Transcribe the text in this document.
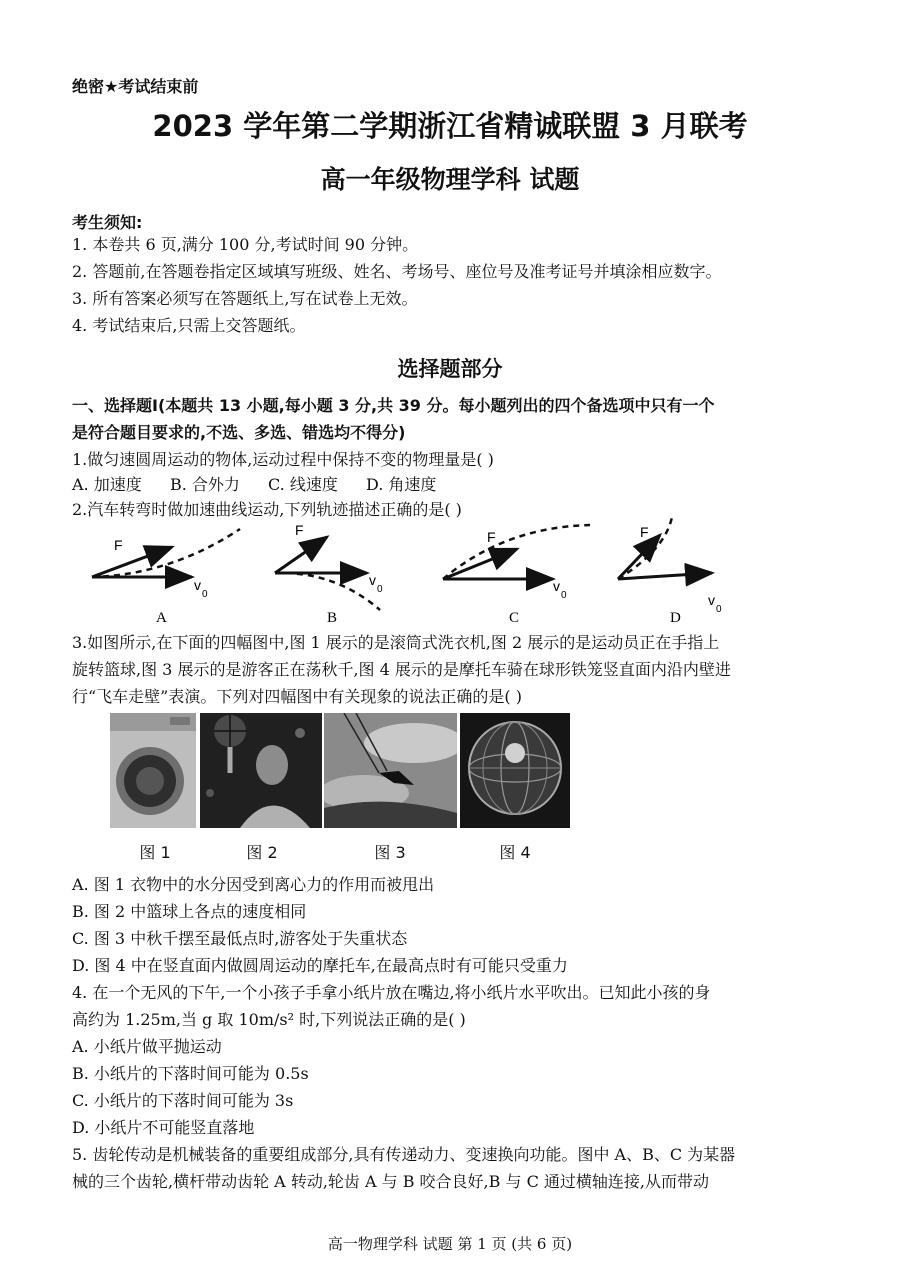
绝密★考试结束前
2023 学年第二学期浙江省精诚联盟 3 月联考
高一年级物理学科 试题
考生须知:
1. 本卷共 6 页,满分 100 分,考试时间 90 分钟。
2. 答题前,在答题卷指定区域填写班级、姓名、考场号、座位号及准考证号并填涂相应数字。
3. 所有答案必须写在答题纸上,写在试卷上无效。
4. 考试结束后,只需上交答题纸。
选择题部分
一、选择题Ⅰ(本题共 13 小题,每小题 3 分,共 39 分。每小题列出的四个备选项中只有一个
是符合题目要求的,不选、多选、错选均不得分)
1.做匀速圆周运动的物体,运动过程中保持不变的物理量是( )
A. 加速度 B. 合外力 C. 线速度 D. 角速度
2.汽车转弯时做加速曲线运动,下列轨迹描述正确的是( )
F
v
0
A
F
v
0
B
F
v
0
C
F
v
0
D
3.如图所示,在下面的四幅图中,图 1 展示的是滚筒式洗衣机,图 2 展示的是运动员正在手指上
旋转篮球,图 3 展示的是游客正在荡秋千,图 4 展示的是摩托车骑在球形铁笼竖直面内沿内壁进
行“飞车走壁”表演。下列对四幅图中有关现象的说法正确的是( )
图 1	图 2	图 3	图 4
A. 图 1 衣物中的水分因受到离心力的作用而被甩出
B. 图 2 中篮球上各点的速度相同
C. 图 3 中秋千摆至最低点时,游客处于失重状态
D. 图 4 中在竖直面内做圆周运动的摩托车,在最高点时有可能只受重力
4. 在一个无风的下午,一个小孩子手拿小纸片放在嘴边,将小纸片水平吹出。已知此小孩的身
高约为 1.25m,当 g 取 10m/s² 时,下列说法正确的是( )
A. 小纸片做平抛运动
B. 小纸片的下落时间可能为 0.5s
C. 小纸片的下落时间可能为 3s
D. 小纸片不可能竖直落地
5. 齿轮传动是机械装备的重要组成部分,具有传递动力、变速换向功能。图中 A、B、C 为某器
械的三个齿轮,横杆带动齿轮 A 转动,轮齿 A 与 B 咬合良好,B 与 C 通过横轴连接,从而带动
高一物理学科 试题 第 1 页 (共 6 页)
